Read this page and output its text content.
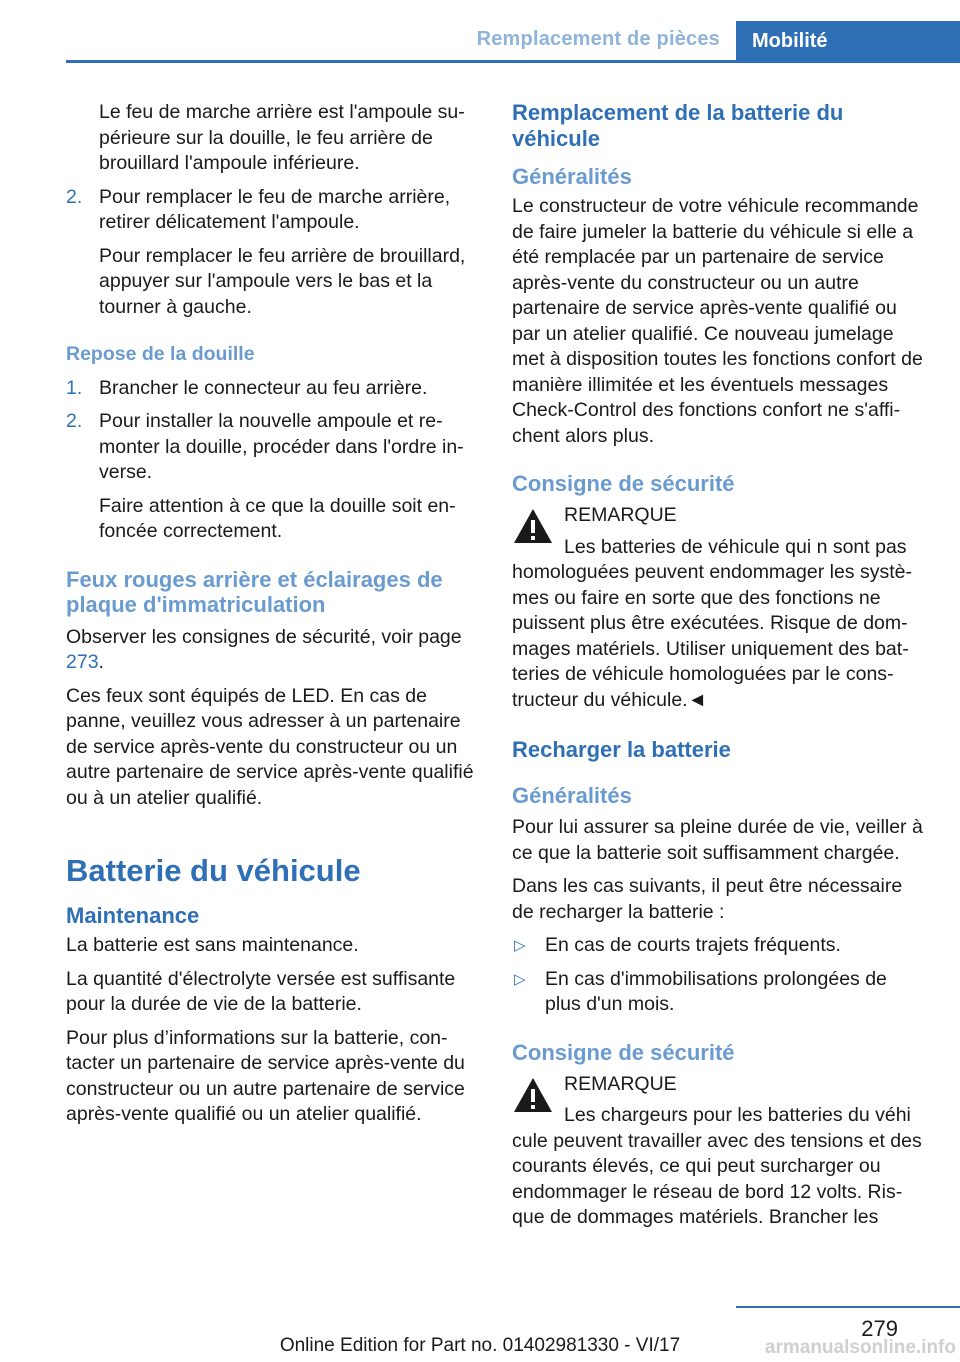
Remplacement de pièces	Mobilité

Le feu de marche arrière est l'ampoule supérieure sur la douille, le feu arrière de brouillard l'ampoule inférieure.

2. Pour remplacer le feu de marche arrière, retirer délicatement l'ampoule.

Pour remplacer le feu arrière de brouillard, appuyer sur l'ampoule vers le bas et la tourner à gauche.

Repose de la douille
1. Brancher le connecteur au feu arrière.
2. Pour installer la nouvelle ampoule et remonter la douille, procéder dans l'ordre inverse.

Faire attention à ce que la douille soit enfoncée correctement.

Feux rouges arrière et éclairages de plaque d'immatriculation

Observer les consignes de sécurité, voir page 273.

Ces feux sont équipés de LED. En cas de panne, veuillez vous adresser à un partenaire de service après-vente du constructeur ou un autre partenaire de service après-vente qualifié ou à un atelier qualifié.

Batterie du véhicule
Maintenance

La batterie est sans maintenance.

La quantité d'électrolyte versée est suffisante pour la durée de vie de la batterie.

Pour plus d’informations sur la batterie, contacter un partenaire de service après-vente du constructeur ou un autre partenaire de service après-vente qualifié ou un atelier qualifié.

Remplacement de la batterie du véhicule
Généralités

Le constructeur de votre véhicule recommande de faire jumeler la batterie du véhicule si elle a été remplacée par un partenaire de service après-vente du constructeur ou un autre partenaire de service après-vente qualifié ou par un atelier qualifié. Ce nouveau jumelage met à disposition toutes les fonctions confort de manière illimitée et les éventuels messages Check-Control des fonctions confort ne s'affichent alors plus.

Consigne de sécurité
REMARQUE
Les batteries de véhicule qui n sont pas
homologuées peuvent endommager les systèmes ou faire en sorte que des fonctions ne puissent plus être exécutées. Risque de dommages matériels. Utiliser uniquement des batteries de véhicule homologuées par le constructeur du véhicule.◄
Recharger la batterie
Généralités

Pour lui assurer sa pleine durée de vie, veiller à ce que la batterie soit suffisamment chargée.

Dans les cas suivants, il peut être nécessaire de recharger la batterie :

▷ En cas de courts trajets fréquents.
▷ En cas d'immobilisations prolongées de plus d'un mois.
Consigne de sécurité
REMARQUE
Les chargeurs pour les batteries du véhi
cule peuvent travailler avec des tensions et des courants élevés, ce qui peut surcharger ou endommager le réseau de bord 12 volts. Risque de dommages matériels. Brancher les
279
Online Edition for Part no. 01402981330 - VI/17	armanualsonline.info
